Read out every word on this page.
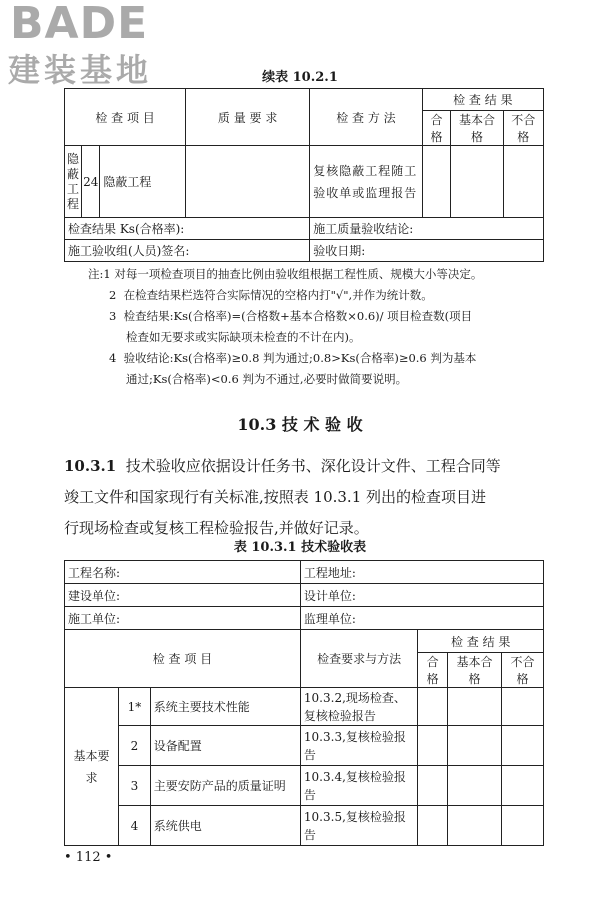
BADE
建装基地	续表 10.2.1
检 查 项 目			质 量 要 求	检 查 方 法	检 查 结 果		
					合格	基本合格	不合格
隐蔽工程	24	隐蔽工程		复核隐蔽工程随工验收单或监理报告			
检查结果 Ks(合格率):				施工质量验收结论:			
施工验收组(人员)签名:				验收日期:			
注:1 对每一项检查项目的抽查比例由验收组根据工程性质、规模大小等决定。
2 在检查结果栏选符合实际情况的空格内打"√",并作为统计数。
3 检查结果:Ks(合格率)=(合格数+基本合格数×0.6)/ 项目检查数(项目
检查如无要求或实际缺项未检查的不计在内)。
4 验收结论:Ks(合格率)≥0.8 判为通过;0.8>Ks(合格率)≥0.6 判为基本
通过;Ks(合格率)<0.6 判为不通过,必要时做简要说明。
10.3 技 术 验 收
10.3.1 技术验收应依据设计任务书、深化设计文件、工程合同等
竣工文件和国家现行有关标准,按照表 10.3.1 列出的检查项目进
行现场检查或复核工程检验报告,并做好记录。
表 10.3.1 技术验收表
工程名称:			工程地址:			
建设单位:			设计单位:			
施工单位:			监理单位:			
检 查 项 目			检查要求与方法	检 查 结 果		
				合格	基本合格	不合格
基本要求	1*	系统主要技术性能	10.3.2,现场检查、复核检验报告			
	2	设备配置	10.3.3,复核检验报告			
	3	主要安防产品的质量证明	10.3.4,复核检验报告			
	4	系统供电	10.3.5,复核检验报告			
• 112 •
